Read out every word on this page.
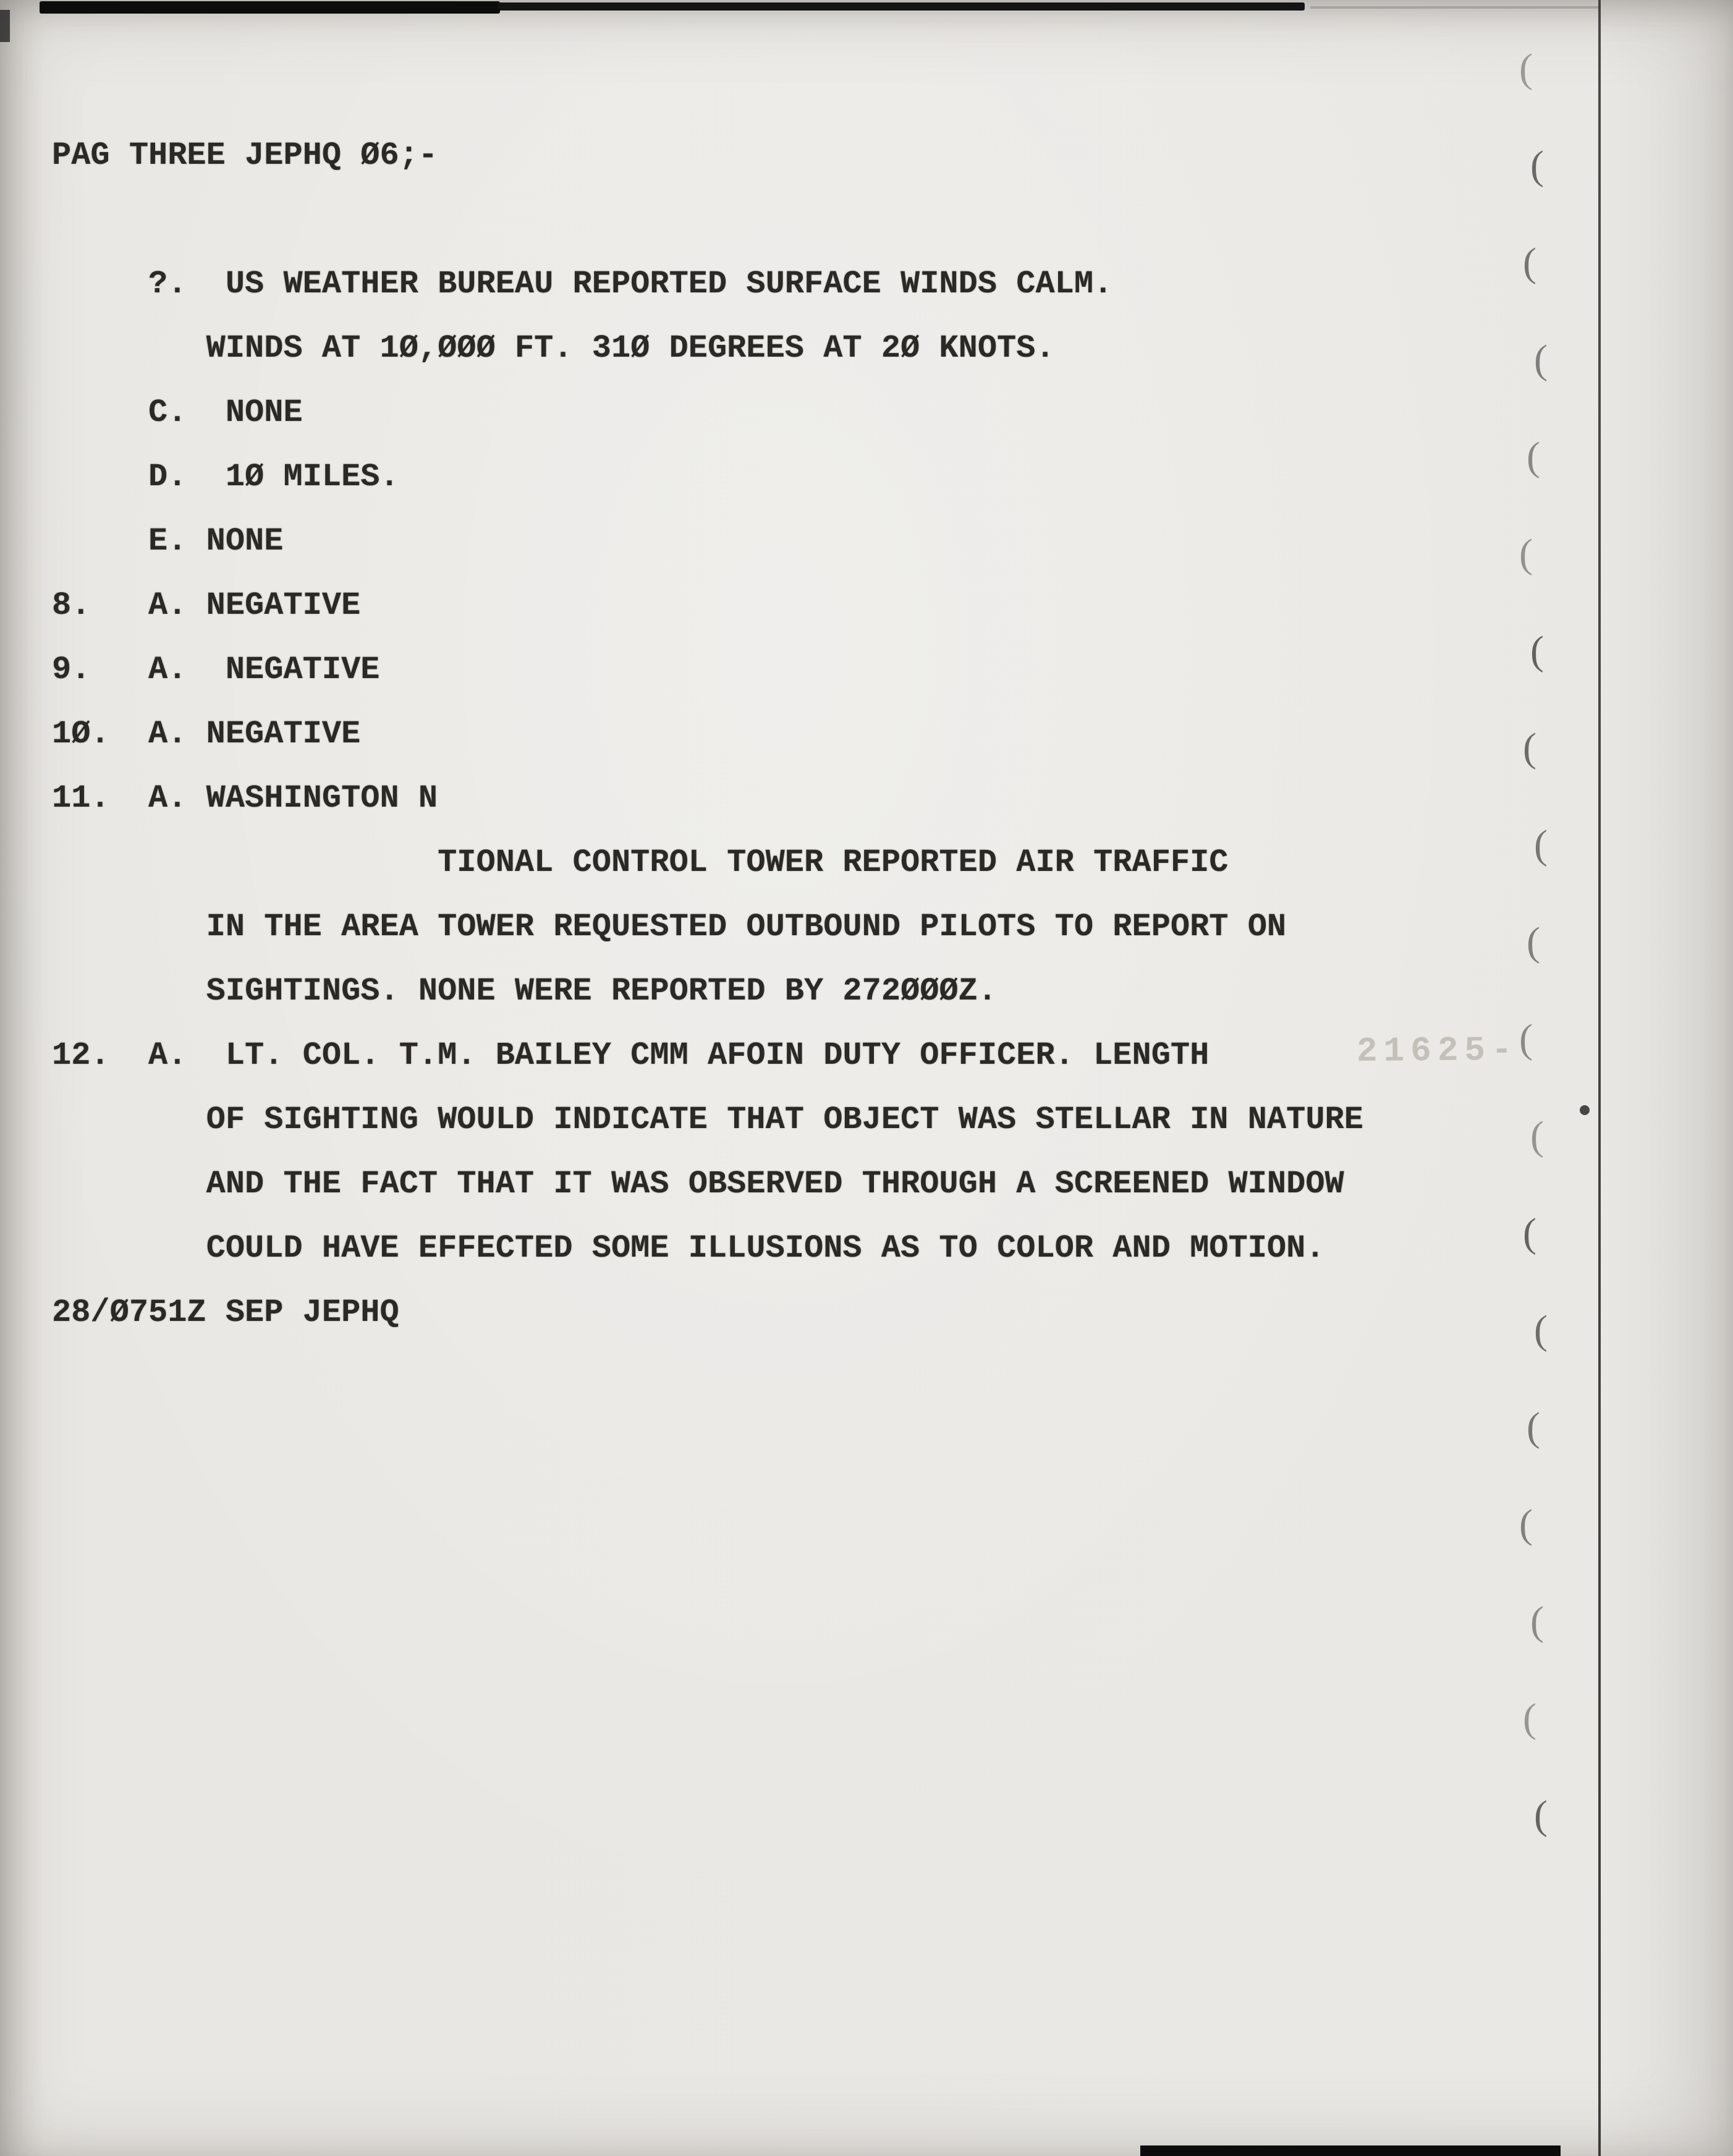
(
(
(
(
(
(
(
(
(
(
(
(
(
(
(
(
(
(
(
21625-
PAG THREE JEPHQ Ø6;-
?.  US WEATHER BUREAU REPORTED SURFACE WINDS CALM.
WINDS AT 1Ø,ØØØ FT. 31Ø DEGREES AT 2Ø KNOTS.
C.  NONE
D.  1Ø MILES.
E. NONE
8.   A. NEGATIVE
9.   A.  NEGATIVE
1Ø.  A. NEGATIVE
11.  A. WASHINGTON N
TIONAL CONTROL TOWER REPORTED AIR TRAFFIC
IN THE AREA TOWER REQUESTED OUTBOUND PILOTS TO REPORT ON
SIGHTINGS. NONE WERE REPORTED BY 272ØØØZ.
12.  A.  LT. COL. T.M. BAILEY CMM AFOIN DUTY OFFICER. LENGTH
OF SIGHTING WOULD INDICATE THAT OBJECT WAS STELLAR IN NATURE
AND THE FACT THAT IT WAS OBSERVED THROUGH A SCREENED WINDOW
COULD HAVE EFFECTED SOME ILLUSIONS AS TO COLOR AND MOTION.
28/Ø751Z SEP JEPHQ
